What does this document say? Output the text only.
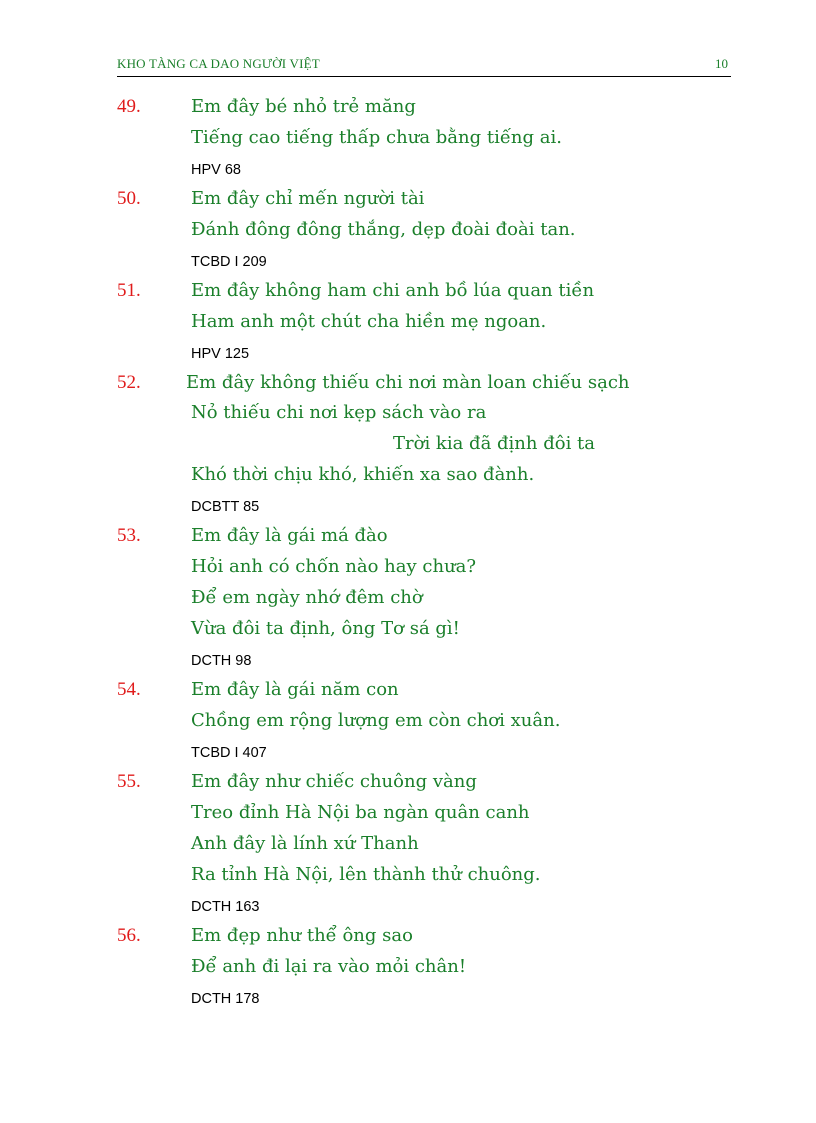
KHO TÀNG CA DAO NGƯỜI VIỆT	10
49.	Em đây bé nhỏ trẻ măng
Tiếng cao tiếng thấp chưa bằng tiếng ai.
HPV 68
50.	Em đây chỉ mến người tài
Đánh đông đông thắng, dẹp đoài đoài tan.
TCBD I 209
51.	Em đây không ham chi anh bồ lúa quan tiền
Ham anh một chút cha hiền mẹ ngoan.
HPV 125
52.	Em đây không thiếu chi nơi màn loan chiếu sạch
Nỏ thiếu chi nơi kẹp sách vào ra
Trời kia đã định đôi ta
Khó thời chịu khó, khiến xa sao đành.
DCBTT 85
53.	Em đây là gái má đào
Hỏi anh có chốn nào hay chưa?
Để em ngày nhớ đêm chờ
Vừa đôi ta định, ông Tơ sá gì!
DCTH 98
54.	Em đây là gái năm con
Chồng em rộng lượng em còn chơi xuân.
TCBD I 407
55.	Em đây như chiếc chuông vàng
Treo đỉnh Hà Nội ba ngàn quân canh
Anh đây là lính xứ Thanh
Ra tỉnh Hà Nội, lên thành thử chuông.
DCTH 163
56.	Em đẹp như thể ông sao
Để anh đi lại ra vào mỏi chân!
DCTH 178
